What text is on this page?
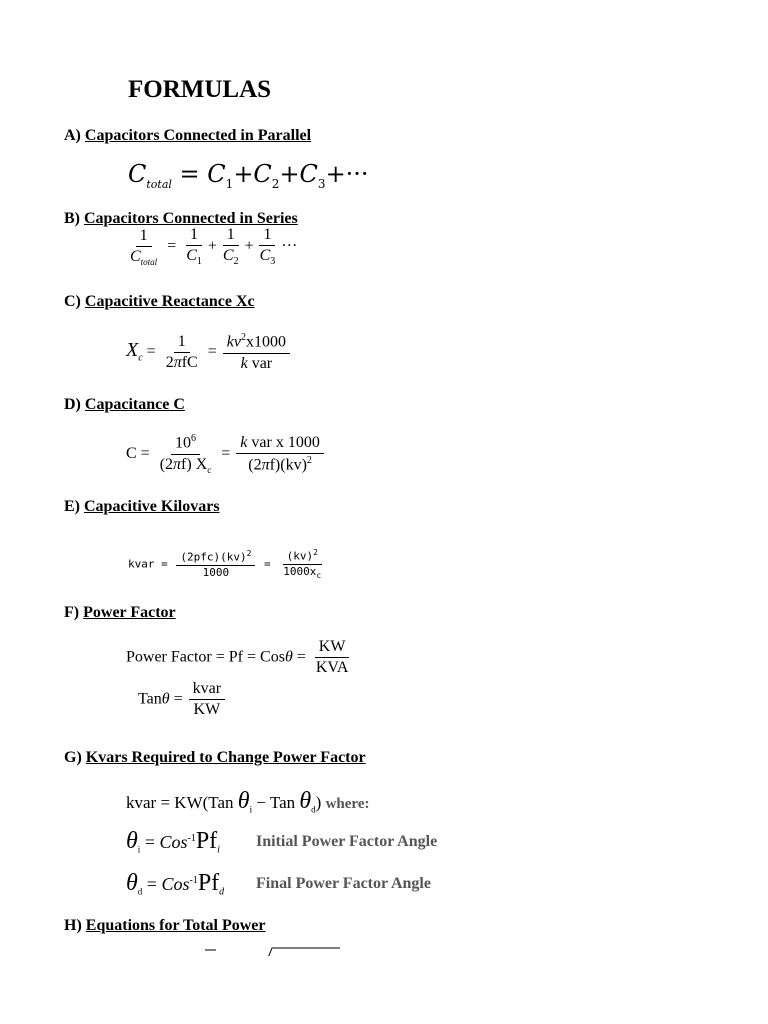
FORMULAS
A) Capacitors Connected in Parallel
$C_{total} = C_1+C_2+C_3+\cdot\cdot\cdot$
B) Capacitors Connected in Series
$\frac{1}{C_{total}} = \frac{1}{C_1} + \frac{1}{C_2} + \frac{1}{C_3}$ ···
C) Capacitive Reactance Xc
$X_c = \frac{1}{\text{2πfC}} = \frac{kv^2x1000}{\text{k var}}$
D) Capacitance C
$C = \frac{10^6}{(2\pi f) X_c} = \frac{\text{k var x 1000}}{(2\pi f)(kv)^2}$
E) Capacitive Kilovars
kvar = $\frac{(2pfc)(kv)^2}{1000} = \frac{(kv)^2}{1000x_c}$
F) Power Factor
Power Factor = $Pf = Cos\theta = \frac{KW}{\text{KVA}}$
$Tan\theta = \frac{\text{kvar}}{KW}$
G) Kvars Required to Change Power Factor
kvar = KW(Tan $\theta_i$ − Tan $\theta_d$) where:
$\theta_i = Cos^{-1}Pf_i$
Initial Power Factor Angle
$\theta_d = Cos^{-1}Pf_d$
Final Power Factor Angle
H) Equations for Total Power
